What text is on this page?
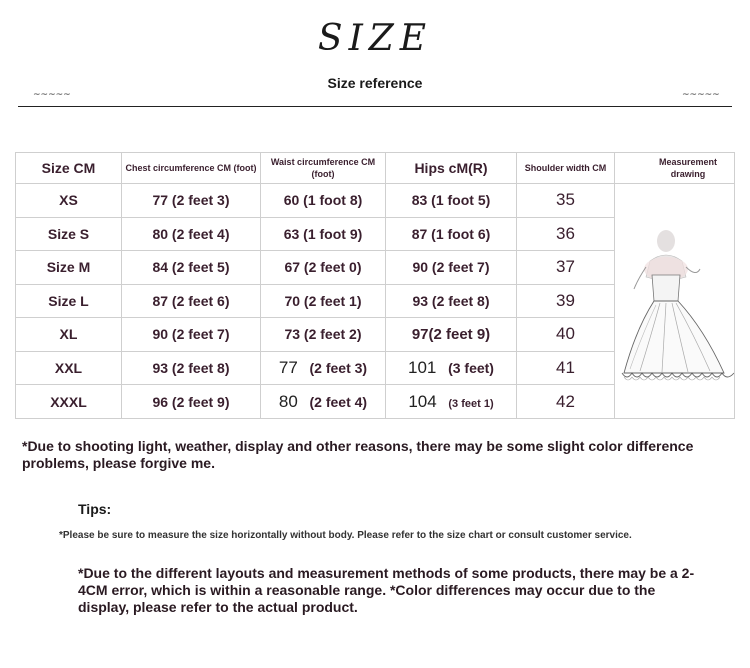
SIZE
Size reference
~~~~~	~~~~~
Size CM	Chest circumference CM (foot)	Waist circumference CM (foot)	Hips cM(R)	Shoulder width CM	Measurement drawing
XS	77 (2 feet 3)	60 (1 foot 8)	83 (1 foot 5)	35	
Size S	80 (2 feet 4)	63 (1 foot 9)	87 (1 foot 6)	36	
Size M	84 (2 feet 5)	67 (2 feet 0)	90 (2 feet 7)	37	
Size L	87 (2 feet 6)	70 (2 feet 1)	93 (2 feet 8)	39	
XL	90 (2 feet 7)	73 (2 feet 2)	97(2 feet 9)	40	
XXL	93 (2 feet 8)	77 (2 feet 3)	101 (3 feet)	41	
XXXL	96 (2 feet 9)	80 (2 feet 4)	104 (3 feet 1)	42	
*Due to shooting light, weather, display and other reasons, there may be some slight color difference problems, please forgive me.
Tips:
*Please be sure to measure the size horizontally without body. Please refer to the size chart or consult customer service.
*Due to the different layouts and measurement methods of some products, there may be a 2-4CM error, which is within a reasonable range. *Color differences may occur due to the display, please refer to the actual product.
